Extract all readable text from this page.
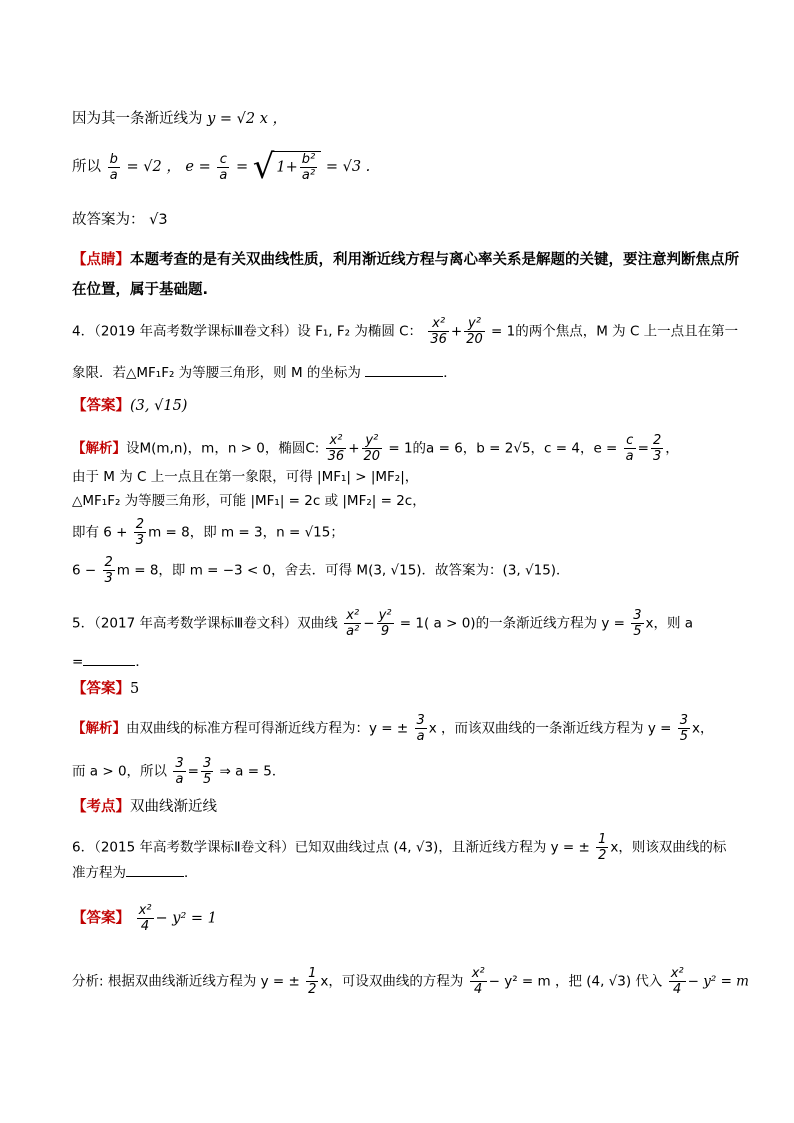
因为其一条渐近线为 y = √2 x ，
所以 $\frac{b}{a} = √2$ ， $e = \frac{c}{a}$ = √ $1+ \frac{\text{b²}}{\text{a²}} = √3$ .
故答案为： √3
【点睛】本题考查的是有关双曲线性质，利用渐近线方程与离心率关系是解题的关键，要注意判断焦点所
在位置，属于基础题.
4．（2019 年高考数学课标Ⅲ卷文科）设 F₁, F₂ 为椭圆 C： $\frac{\text{x²}}{36} + \frac{\text{y²}}{20} = 1$的两个焦点，M 为 C 上一点且在第一
象限．若△MF₁F₂ 为等腰三角形，则 M 的坐标为	．
【答案】(3, √15)
【解析】设M(m,n)，m，n > 0，椭圆C: $\frac{\text{x²}}{36} + \frac{\text{y²}}{20} = 1$的a = 6，b = 2√5，c = 4，$e = \frac{c}{a} = \frac{2}{3}$ ，
由于 M 为 C 上一点且在第一象限，可得 |MF₁| > |MF₂|，
△MF₁F₂ 为等腰三角形，可能 |MF₁| = 2c 或 |MF₂| = 2c，
即有 $6 + \frac{2}{3}$ m = 8，即 m = 3，n = √15；
$6 - \frac{2}{3}$ m = 8，即 m = −3 < 0，舍去．可得 M(3, √15)．故答案为：(3, √15)．
5．（2017 年高考数学课标Ⅲ卷文科）双曲线 $\frac{\text{x²}}{\text{a²}} - \frac{\text{y²}}{9} = 1$( a > 0)的一条渐近线方程为 $y = \frac{3}{5}$ x，则 a
=	．
【答案】5
【解析】由双曲线的标准方程可得渐近线方程为：y = ± $\frac{3}{a}$ x ，而该双曲线的一条渐近线方程为 $y = \frac{3}{5}$ x，
而 a > 0，所以 $\frac{3}{a} = \frac{3}{5}$ ⇒ a = 5．
【考点】双曲线渐近线
6．（2015 年高考数学课标Ⅱ卷文科）已知双曲线过点 (4, √3)，且渐近线方程为 y = ± $\frac{1}{2}$ x，则该双曲线的标
准方程为	．
【答案】 $\frac{\text{x²}}{4} - y^2 = 1$
分析: 根据双曲线渐近线方程为 y = ± $\frac{1}{2}$ x，可设双曲线的方程为 $\frac{\text{x²}}{4} - y^2 = m$ ，把 (4, √3) 代入 $\frac{\text{x²}}{4} - y^2 = m$
